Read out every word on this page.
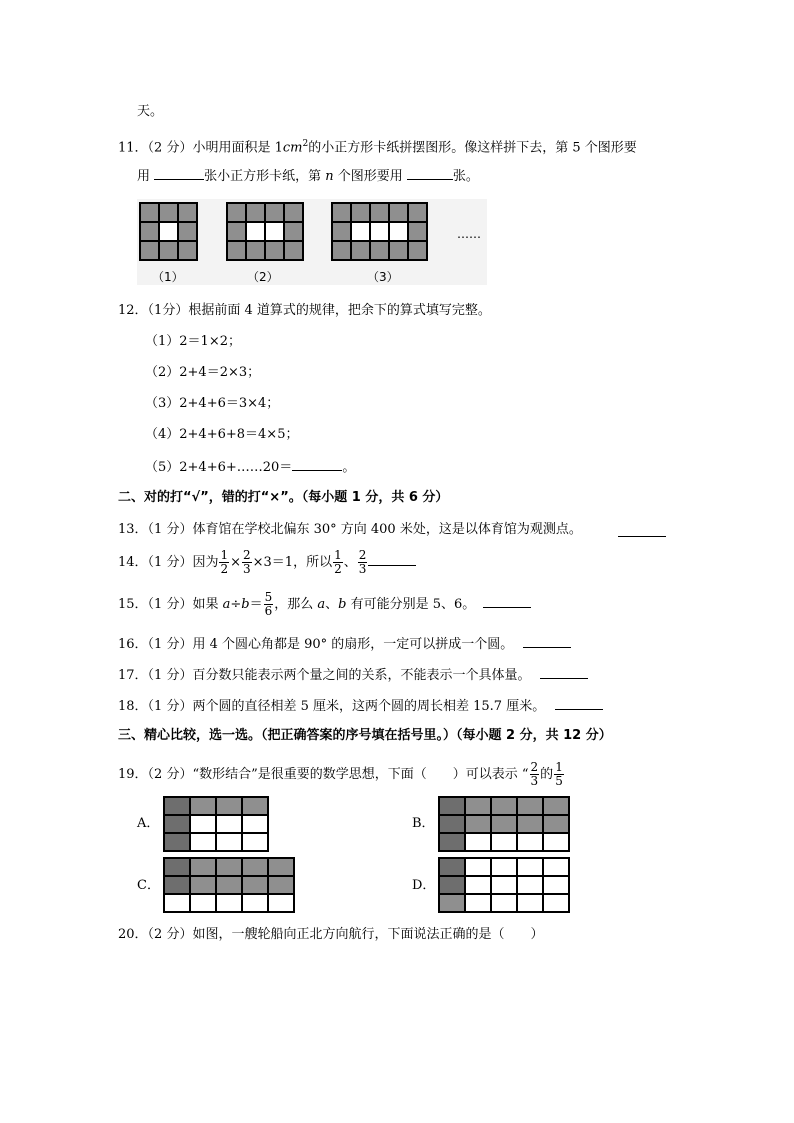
天。
11．（2 分）小明用面积是 $1cm^2$的小正方形卡纸拼摆图形。像这样拼下去，第 5 个图形要
用	张小正方形卡纸，第 n 个图形要用	张。
（1）	（2）	（3）
……
12．（1分）根据前面 4 道算式的规律，把余下的算式填写完整。
（1）2＝1×2；
（2）2+4＝2×3；
（3）2+4+6＝3×4；
（4）2+4+6+8＝4×5；
（5）2+4+6+……20＝	。
二、对的打“√”，错的打“×”。（每小题 1 分，共 6 分）
13．（1 分）体育馆在学校北偏东 30° 方向 400 米处，这是以体育馆为观测点。
14．（1 分）因为 $\frac{1}{2} \times \frac{2}{3} \times 3=1$，所以 $\frac{1}{2}$ 、 $\frac{2}{3}$
15．（1 分）如果 $a\div b= \frac{5}{6}$ ，那么 a、b 有可能分别是 5、6。
16．（1 分）用 4 个圆心角都是 90° 的扇形，一定可以拼成一个圆。
17．（1 分）百分数只能表示两个量之间的关系，不能表示一个具体量。
18．（1 分）两个圆的直径相差 5 厘米，这两个圆的周长相差 15.7 厘米。
三、精心比较，选一选。（把正确答案的序号填在括号里。）（每小题 2 分，共 12 分）
19．（2 分）“数形结合”是很重要的数学思想，下面（　　）可以表示 “ $\frac{2}{3}$ 的 $\frac{1}{5}$
A．	B．
C．	D．
20．（2 分）如图，一艘轮船向正北方向航行，下面说法正确的是（　　）
